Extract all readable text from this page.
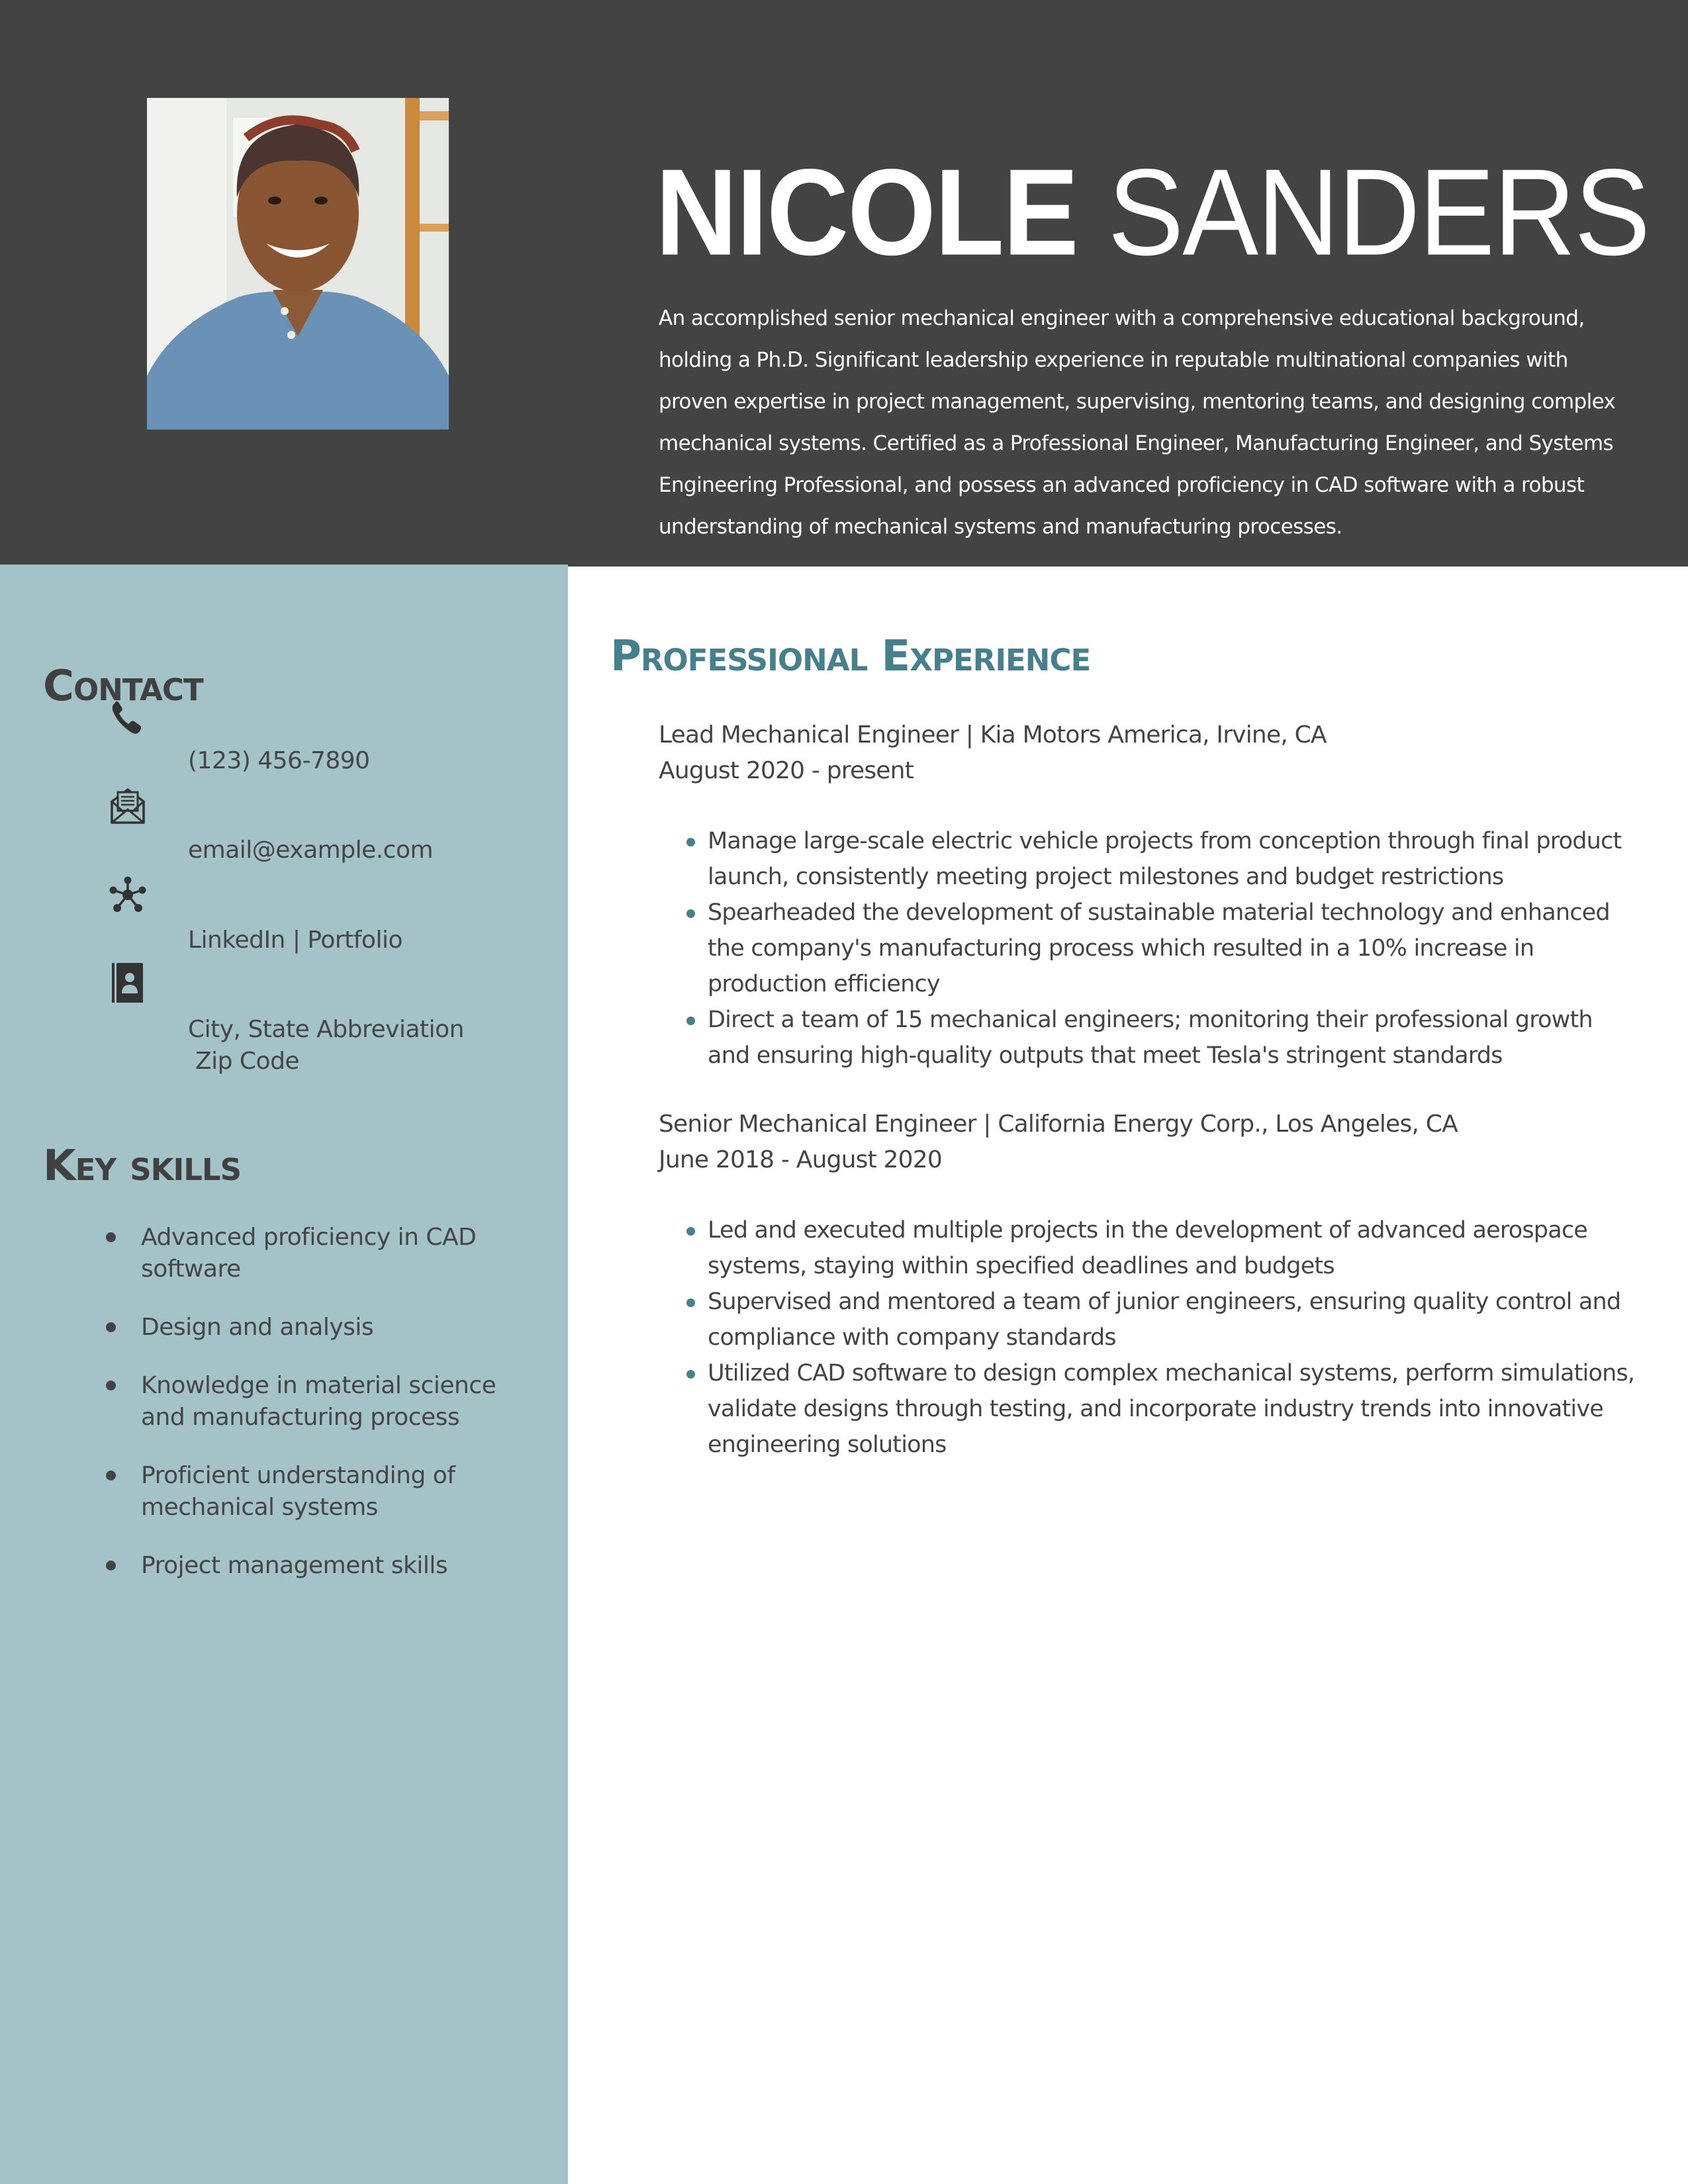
NICOLE SANDERS
An accomplished senior mechanical engineer with a comprehensive educational background, holding a Ph.D. Significant leadership experience in reputable multinational companies with proven expertise in project management, supervising, mentoring teams, and designing complex mechanical systems. Certified as a Professional Engineer, Manufacturing Engineer, and Systems Engineering Professional, and possess an advanced proficiency in CAD software with a robust understanding of mechanical systems and manufacturing processes.
Contact
(123) 456-7890
email@example.com
LinkedIn | Portfolio
City, State Abbreviation
Zip Code
Key skills
Advanced proficiency in CAD software
Design and analysis
Knowledge in material science and manufacturing process
Proficient understanding of mechanical systems
Project management skills
Professional Experience
Lead Mechanical Engineer | Kia Motors America, Irvine, CA
August 2020 - present
Manage large-scale electric vehicle projects from conception through final product launch, consistently meeting project milestones and budget restrictions
Spearheaded the development of sustainable material technology and enhanced the company's manufacturing process which resulted in a 10% increase in production efficiency
Direct a team of 15 mechanical engineers; monitoring their professional growth and ensuring high-quality outputs that meet Tesla's stringent standards
Senior Mechanical Engineer | California Energy Corp., Los Angeles, CA
June 2018 - August 2020
Led and executed multiple projects in the development of advanced aerospace systems, staying within specified deadlines and budgets
Supervised and mentored a team of junior engineers, ensuring quality control and compliance with company standards
Utilized CAD software to design complex mechanical systems, perform simulations, validate designs through testing, and incorporate industry trends into innovative engineering solutions
